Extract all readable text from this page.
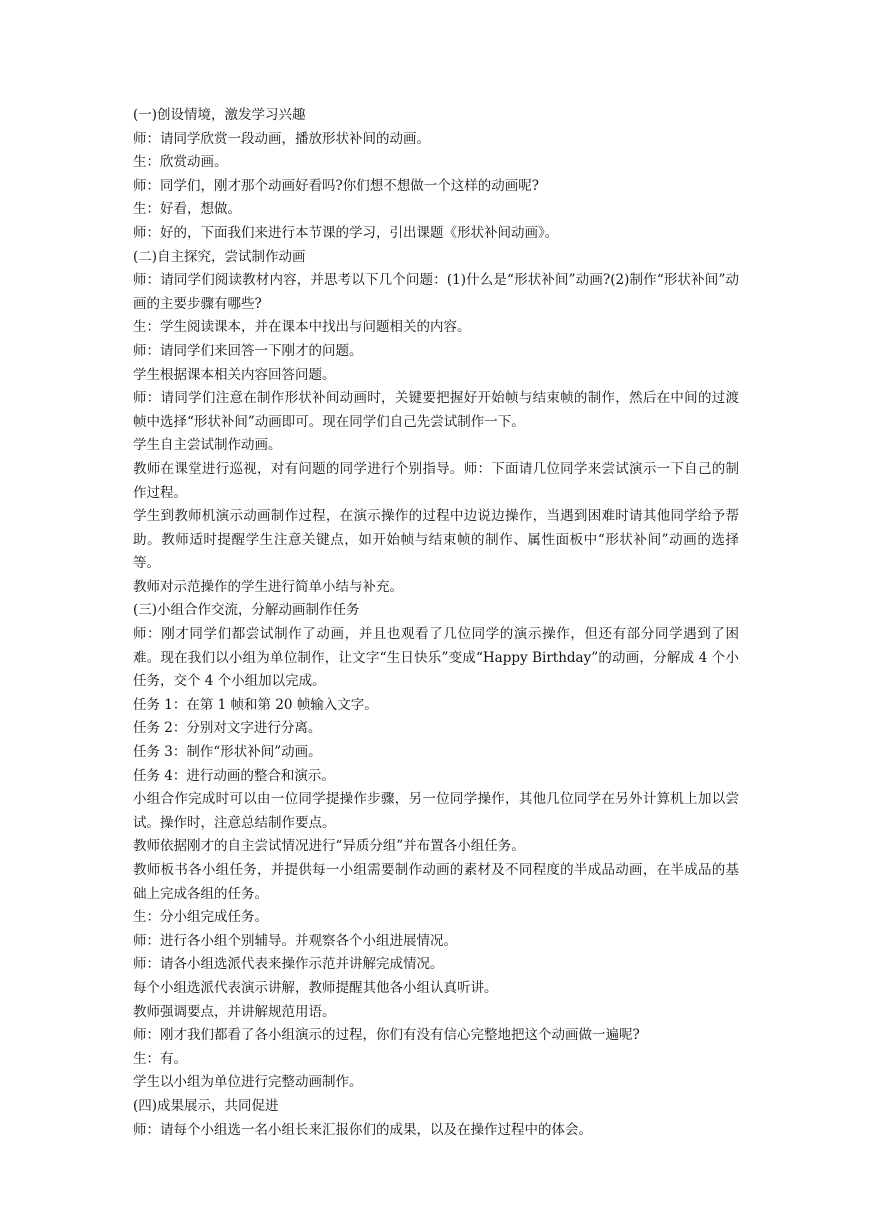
(一)创设情境，激发学习兴趣

师：请同学欣赏一段动画，播放形状补间的动画。

生：欣赏动画。

师：同学们，刚才那个动画好看吗?你们想不想做一个这样的动画呢?

生：好看，想做。

师：好的，下面我们来进行本节课的学习，引出课题《形状补间动画》。

(二)自主探究，尝试制作动画

师：请同学们阅读教材内容，并思考以下几个问题：(1)什么是“形状补间”动画?(2)制作“形状补间”动画的主要步骤有哪些?

生：学生阅读课本，并在课本中找出与问题相关的内容。

师：请同学们来回答一下刚才的问题。

学生根据课本相关内容回答问题。

师：请同学们注意在制作形状补间动画时，关键要把握好开始帧与结束帧的制作，然后在中间的过渡帧中选择“形状补间”动画即可。现在同学们自己先尝试制作一下。

学生自主尝试制作动画。

教师在课堂进行巡视，对有问题的同学进行个别指导。师：下面请几位同学来尝试演示一下自己的制作过程。

学生到教师机演示动画制作过程，在演示操作的过程中边说边操作，当遇到困难时请其他同学给予帮助。教师适时提醒学生注意关键点，如开始帧与结束帧的制作、属性面板中“形状补间”动画的选择等。

教师对示范操作的学生进行简单小结与补充。

(三)小组合作交流，分解动画制作任务

师：刚才同学们都尝试制作了动画，并且也观看了几位同学的演示操作，但还有部分同学遇到了困难。现在我们以小组为单位制作，让文字“生日快乐”变成“Happy Birthday”的动画，分解成 4 个小任务，交个 4 个小组加以完成。

任务 1：在第 1 帧和第 20 帧输入文字。

任务 2：分别对文字进行分离。

任务 3：制作“形状补间”动画。

任务 4：进行动画的整合和演示。

小组合作完成时可以由一位同学提操作步骤，另一位同学操作，其他几位同学在另外计算机上加以尝试。操作时，注意总结制作要点。

教师依据刚才的自主尝试情况进行“异质分组”并布置各小组任务。

教师板书各小组任务，并提供每一小组需要制作动画的素材及不同程度的半成品动画，在半成品的基础上完成各组的任务。

生：分小组完成任务。

师：进行各小组个别辅导。并观察各个小组进展情况。

师：请各小组选派代表来操作示范并讲解完成情况。

每个小组选派代表演示讲解，教师提醒其他各小组认真听讲。

教师强调要点，并讲解规范用语。

师：刚才我们都看了各小组演示的过程，你们有没有信心完整地把这个动画做一遍呢?

生：有。

学生以小组为单位进行完整动画制作。

(四)成果展示，共同促进

师：请每个小组选一名小组长来汇报你们的成果，以及在操作过程中的体会。
